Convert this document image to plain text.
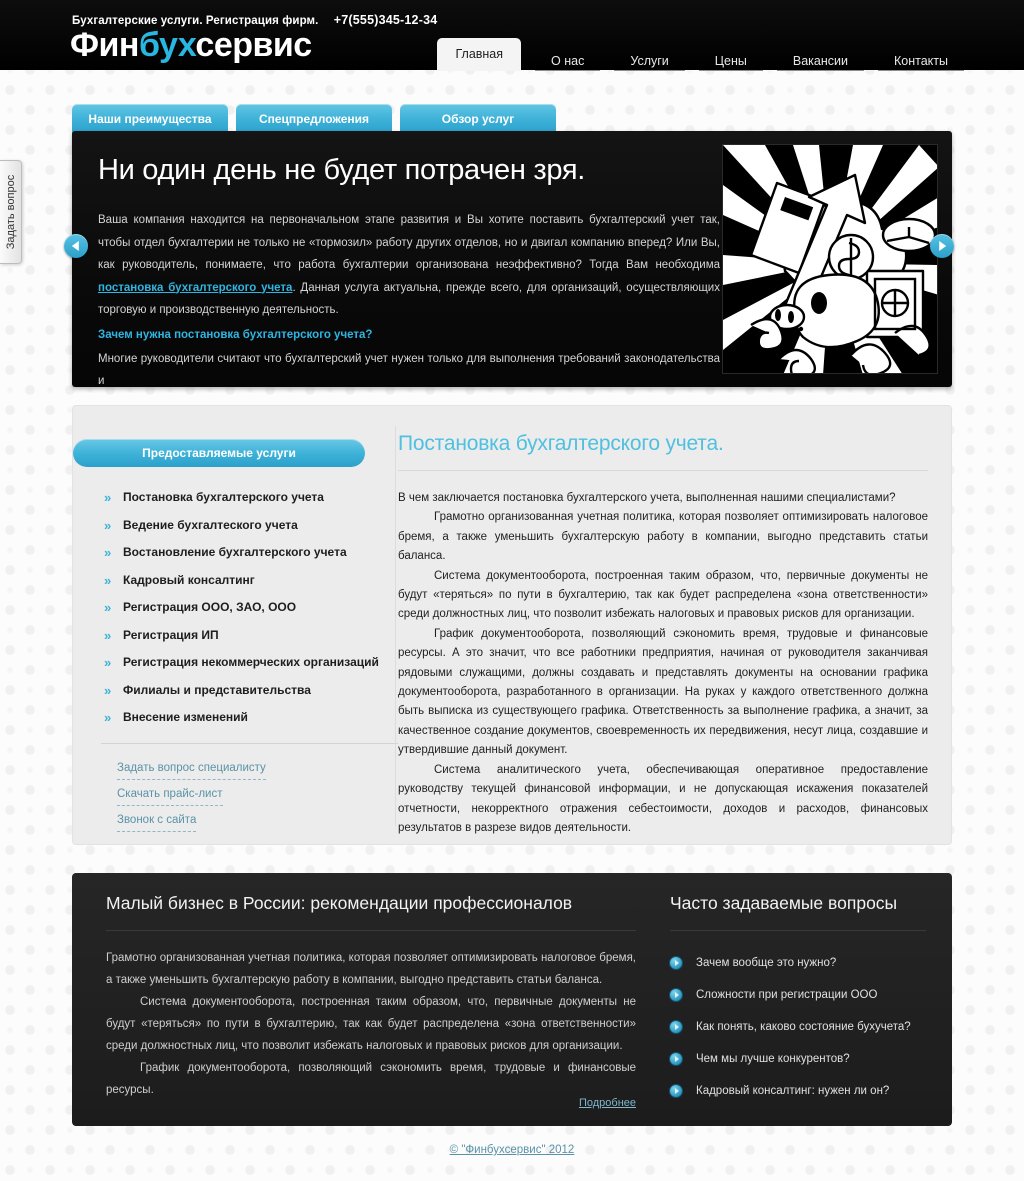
Бухгалтерские услуги. Регистрация фирм. +7(555)345-12-34
Финбухсервис	Главная	О нас	Услуги	Цены	Вакансии	Контакты
Задать вопрос
Наши преимущества	Спецпредложения	Обзор услуг
Ни один день не будет потрачен зря.

Ваша компания находится на первоначальном этапе развития и Вы хотите поставить бухгалтерский учет так, чтобы отдел бухгалтерии не только не «тормозил» работу других отделов, но и двигал компанию вперед? Или Вы, как руководитель, понимаете, что работа бухгалтерии организована неэффективно? Тогда Вам необходима постановка бухгалтерского учета. Данная услуга актуальна, прежде всего, для организаций, осуществляющих торговую и производственную деятельность.

Зачем нужна постановка бухгалтерского учета?

Многие руководители считают что бухгалтерский учет нужен только для выполнения требований законодательства и

Предоставляемые услуги
» Постановка бухгалтерского учета
» Ведение бухгалтеского учета
» Востановление бухгалтерского учета
» Кадровый консалтинг
» Регистрация ООО, ЗАО, ООО
» Регистрация ИП
» Регистрация некоммерческих организаций
» Филиалы и представительства
» Внесение изменений
Задать вопрос специалисту
Скачать прайс-лист
Звонок с сайта
Постановка бухгалтерского учета.

В чем заключается постановка бухгалтерского учета, выполненная нашими специалистами?

Грамотно организованная учетная политика, которая позволяет оптимизировать налоговое бремя, а также уменьшить бухгалтерскую работу в компании, выгодно представить статьи баланса.

Система документооборота, построенная таким образом, что, первичные документы не будут «теряться» по пути в бухгалтерию, так как будет распределена «зона ответственности» среди должностных лиц, что позволит избежать налоговых и правовых рисков для организации.

График документооборота, позволяющий сэкономить время, трудовые и финансовые ресурсы. А это значит, что все работники предприятия, начиная от руководителя заканчивая рядовыми служащими, должны создавать и представлять документы на основании графика документооборота, разработанного в организации. На руках у каждого ответственного должна быть выписка из существующего графика. Ответственность за выполнение графика, а значит, за качественное создание документов, своевременность их передвижения, несут лица, создавшие и утвердившие данный документ.

Система аналитического учета, обеспечивающая оперативное предоставление руководству текущей финансовой информации, и не допускающая искажения показателей отчетности, некорректного отражения себестоимости, доходов и расходов, финансовых результатов в разрезе видов деятельности.

Малый бизнес в России: рекомендации профессионалов

Грамотно организованная учетная политика, которая позволяет оптимизировать налоговое бремя, а также уменьшить бухгалтерскую работу в компании, выгодно представить статьи баланса.

Система документооборота, построенная таким образом, что, первичные документы не будут «теряться» по пути в бухгалтерию, так как будет распределена «зона ответственности» среди должностных лиц, что позволит избежать налоговых и правовых рисков для организации.

График документооборота, позволяющий сэкономить время, трудовые и финансовые ресурсы.

Подробнее
Часто задаваемые вопросы
Зачем вообще это нужно?
Сложности при регистрации ООО
Как понять, каково состояние бухучета?
Чем мы лучше конкурентов?
Кадровый консалтинг: нужен ли он?
© "Финбухсервис" 2012
